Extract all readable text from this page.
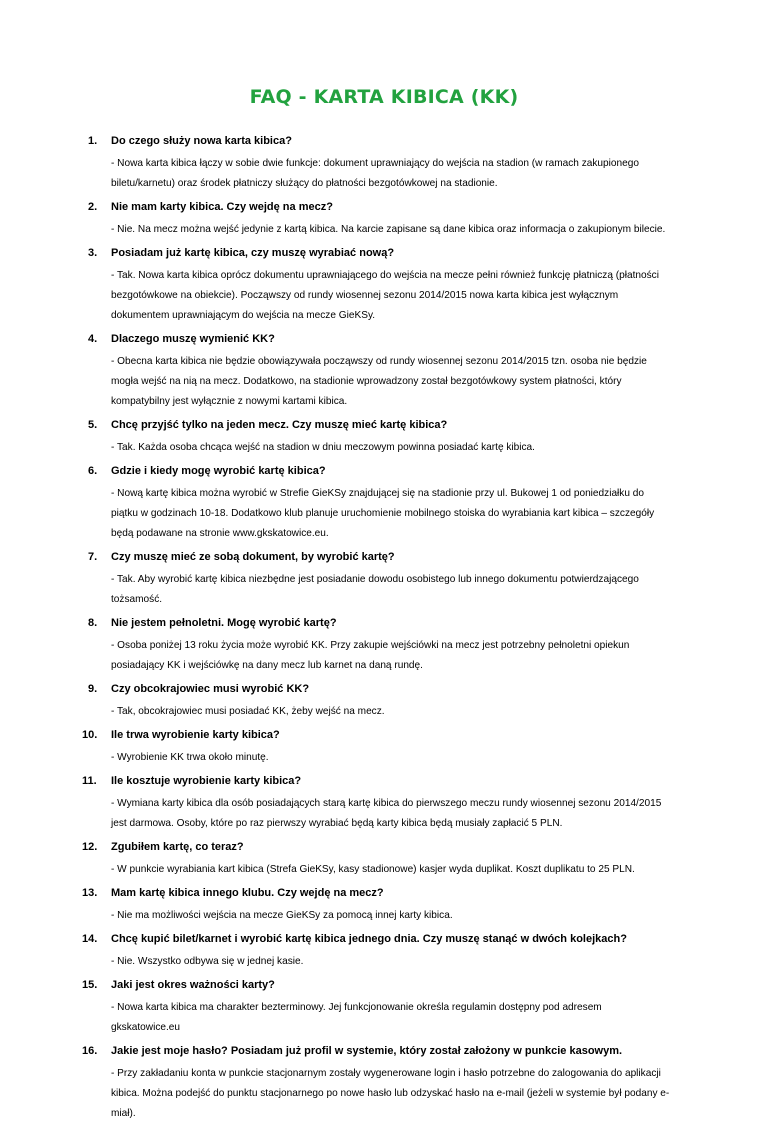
FAQ - KARTA KIBICA (KK)
1. Do czego służy nowa karta kibica?

- Nowa karta kibica łączy w sobie dwie funkcje: dokument uprawniający do wejścia na stadion (w ramach zakupionego biletu/karnetu) oraz środek płatniczy służący do płatności bezgotówkowej na stadionie.

2. Nie mam karty kibica. Czy wejdę na mecz?

- Nie. Na mecz można wejść jedynie z kartą kibica. Na karcie zapisane są dane kibica oraz informacja o zakupionym bilecie.

3. Posiadam już kartę kibica, czy muszę wyrabiać nową?

- Tak. Nowa karta kibica oprócz dokumentu uprawniającego do wejścia na mecze pełni również funkcję płatniczą (płatności bezgotówkowe na obiekcie). Począwszy od rundy wiosennej sezonu 2014/2015 nowa karta kibica jest wyłącznym dokumentem uprawniającym do wejścia na mecze GieKSy.

4. Dlaczego muszę wymienić KK?

- Obecna karta kibica nie będzie obowiązywała począwszy od rundy wiosennej sezonu 2014/2015 tzn. osoba nie będzie mogła wejść na nią na mecz. Dodatkowo, na stadionie wprowadzony został bezgotówkowy system płatności, który kompatybilny jest wyłącznie z nowymi kartami kibica.

5. Chcę przyjść tylko na jeden mecz. Czy muszę mieć kartę kibica?

- Tak. Każda osoba chcąca wejść na stadion w dniu meczowym powinna posiadać kartę kibica.

6. Gdzie i kiedy mogę wyrobić kartę kibica?

- Nową kartę kibica można wyrobić w Strefie GieKSy znajdującej się na stadionie przy ul. Bukowej 1 od poniedziałku do piątku w godzinach 10-18. Dodatkowo klub planuje uruchomienie mobilnego stoiska do wyrabiania kart kibica – szczegóły będą podawane na stronie www.gkskatowice.eu.

7. Czy muszę mieć ze sobą dokument, by wyrobić kartę?

- Tak. Aby wyrobić kartę kibica niezbędne jest posiadanie dowodu osobistego lub innego dokumentu potwierdzającego tożsamość.

8. Nie jestem pełnoletni. Mogę wyrobić kartę?

- Osoba poniżej 13 roku życia może wyrobić KK. Przy zakupie wejściówki na mecz jest potrzebny pełnoletni opiekun posiadający KK i wejściówkę na dany mecz lub karnet na daną rundę.

9. Czy obcokrajowiec musi wyrobić KK?

- Tak, obcokrajowiec musi posiadać KK, żeby wejść na mecz.

10. Ile trwa wyrobienie karty kibica?

- Wyrobienie KK trwa około minutę.

11. Ile kosztuje wyrobienie karty kibica?

- Wymiana karty kibica dla osób posiadających starą kartę kibica do pierwszego meczu rundy wiosennej sezonu 2014/2015 jest darmowa. Osoby, które po raz pierwszy wyrabiać będą karty kibica będą musiały zapłacić 5 PLN.

12. Zgubiłem kartę, co teraz?

- W punkcie wyrabiania kart kibica (Strefa GieKSy, kasy stadionowe) kasjer wyda duplikat. Koszt duplikatu to 25 PLN.

13. Mam kartę kibica innego klubu. Czy wejdę na mecz?

- Nie ma możliwości wejścia na mecze GieKSy za pomocą innej karty kibica.

14. Chcę kupić bilet/karnet i wyrobić kartę kibica jednego dnia. Czy muszę stanąć w dwóch kolejkach?

- Nie. Wszystko odbywa się w jednej kasie.

15. Jaki jest okres ważności karty?

- Nowa karta kibica ma charakter bezterminowy. Jej funkcjonowanie określa regulamin dostępny pod adresem gkskatowice.eu

16. Jakie jest moje hasło? Posiadam już profil w systemie, który został założony w punkcie kasowym.

- Przy zakładaniu konta w punkcie stacjonarnym zostały wygenerowane login i hasło potrzebne do zalogowania do aplikacji kibica. Można podejść do punktu stacjonarnego po nowe hasło lub odzyskać hasło na e-mail (jeżeli w systemie był podany e-miał).
